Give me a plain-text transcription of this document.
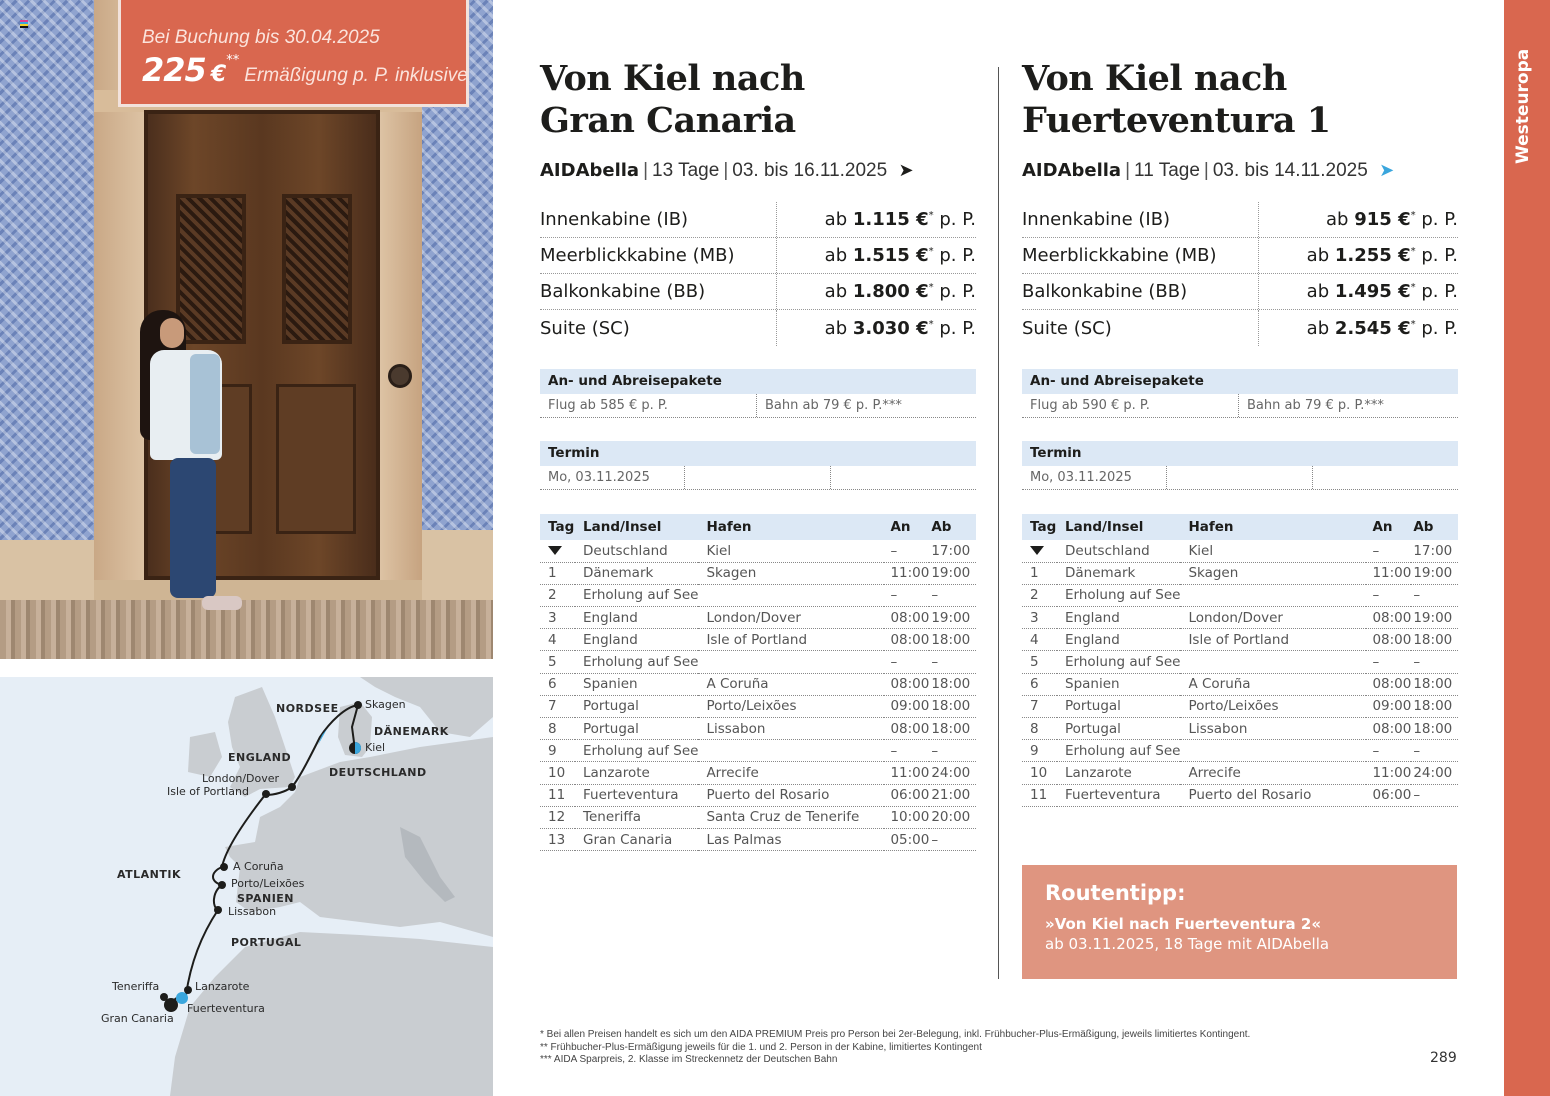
Bei Buchung bis 30.04.2025
225 €** Ermäßigung p. P. inklusive
NORDSEE Skagen
DÄNEMARK
Kiel
DEUTSCHLAND
ENGLAND
London/Dover
Isle of Portland
ATLANTIK
A Coruña
Porto/Leixões
SPANIEN
Lissabon
PORTUGAL
Teneriffa	Lanzarote
Fuerteventura
Gran Canaria
Von Kiel nach
Gran Canaria
AIDAbella | 13 Tage | 03. bis 16.11.2025 ➤
Innenkabine (IB)	ab 1.115 €* p. P.
Meerblickkabine (MB)	ab 1.515 €* p. P.
Balkonkabine (BB)	ab 1.800 €* p. P.
Suite (SC)	ab 3.030 €* p. P.
An- und Abreisepakete
Flug ab 585 € p. P.	Bahn ab 79 € p. P.***
Termin
Mo, 03.11.2025
Tag	Land/Insel	Hafen	An	Ab
	Deutschland	Kiel	–	17:00
1	Dänemark	Skagen	11:00	19:00
2	Erholung auf See		–	–
3	England	London/Dover	08:00	19:00
4	England	Isle of Portland	08:00	18:00
5	Erholung auf See		–	–
6	Spanien	A Coruña	08:00	18:00
7	Portugal	Porto/Leixões	09:00	18:00
8	Portugal	Lissabon	08:00	18:00
9	Erholung auf See		–	–
10	Lanzarote	Arrecife	11:00	24:00
11	Fuerteventura	Puerto del Rosario	06:00	21:00
12	Teneriffa	Santa Cruz de Tenerife	10:00	20:00
13	Gran Canaria	Las Palmas	05:00	–
Von Kiel nach
Fuerteventura 1
AIDAbella | 11 Tage | 03. bis 14.11.2025 ➤
Innenkabine (IB)	ab 915 €* p. P.
Meerblickkabine (MB)	ab 1.255 €* p. P.
Balkonkabine (BB)	ab 1.495 €* p. P.
Suite (SC)	ab 2.545 €* p. P.
An- und Abreisepakete
Flug ab 590 € p. P.	Bahn ab 79 € p. P.***
Termin
Mo, 03.11.2025
Tag	Land/Insel	Hafen	An	Ab
	Deutschland	Kiel	–	17:00
1	Dänemark	Skagen	11:00	19:00
2	Erholung auf See		–	–
3	England	London/Dover	08:00	19:00
4	England	Isle of Portland	08:00	18:00
5	Erholung auf See		–	–
6	Spanien	A Coruña	08:00	18:00
7	Portugal	Porto/Leixões	09:00	18:00
8	Portugal	Lissabon	08:00	18:00
9	Erholung auf See		–	–
10	Lanzarote	Arrecife	11:00	24:00
11	Fuerteventura	Puerto del Rosario	06:00	–
Routentipp:
»Von Kiel nach Fuerteventura 2«
ab 03.11.2025, 18 Tage mit AIDAbella
* Bei allen Preisen handelt es sich um den AIDA PREMIUM Preis pro Person bei 2er-Belegung, inkl. Frühbucher-Plus-Ermäßigung, jeweils limitiertes Kontingent.
** Frühbucher-Plus-Ermäßigung jeweils für die 1. und 2. Person in der Kabine, limitiertes Kontingent
*** AIDA Sparpreis, 2. Klasse im Streckennetz der Deutschen Bahn	289
Westeuropa
